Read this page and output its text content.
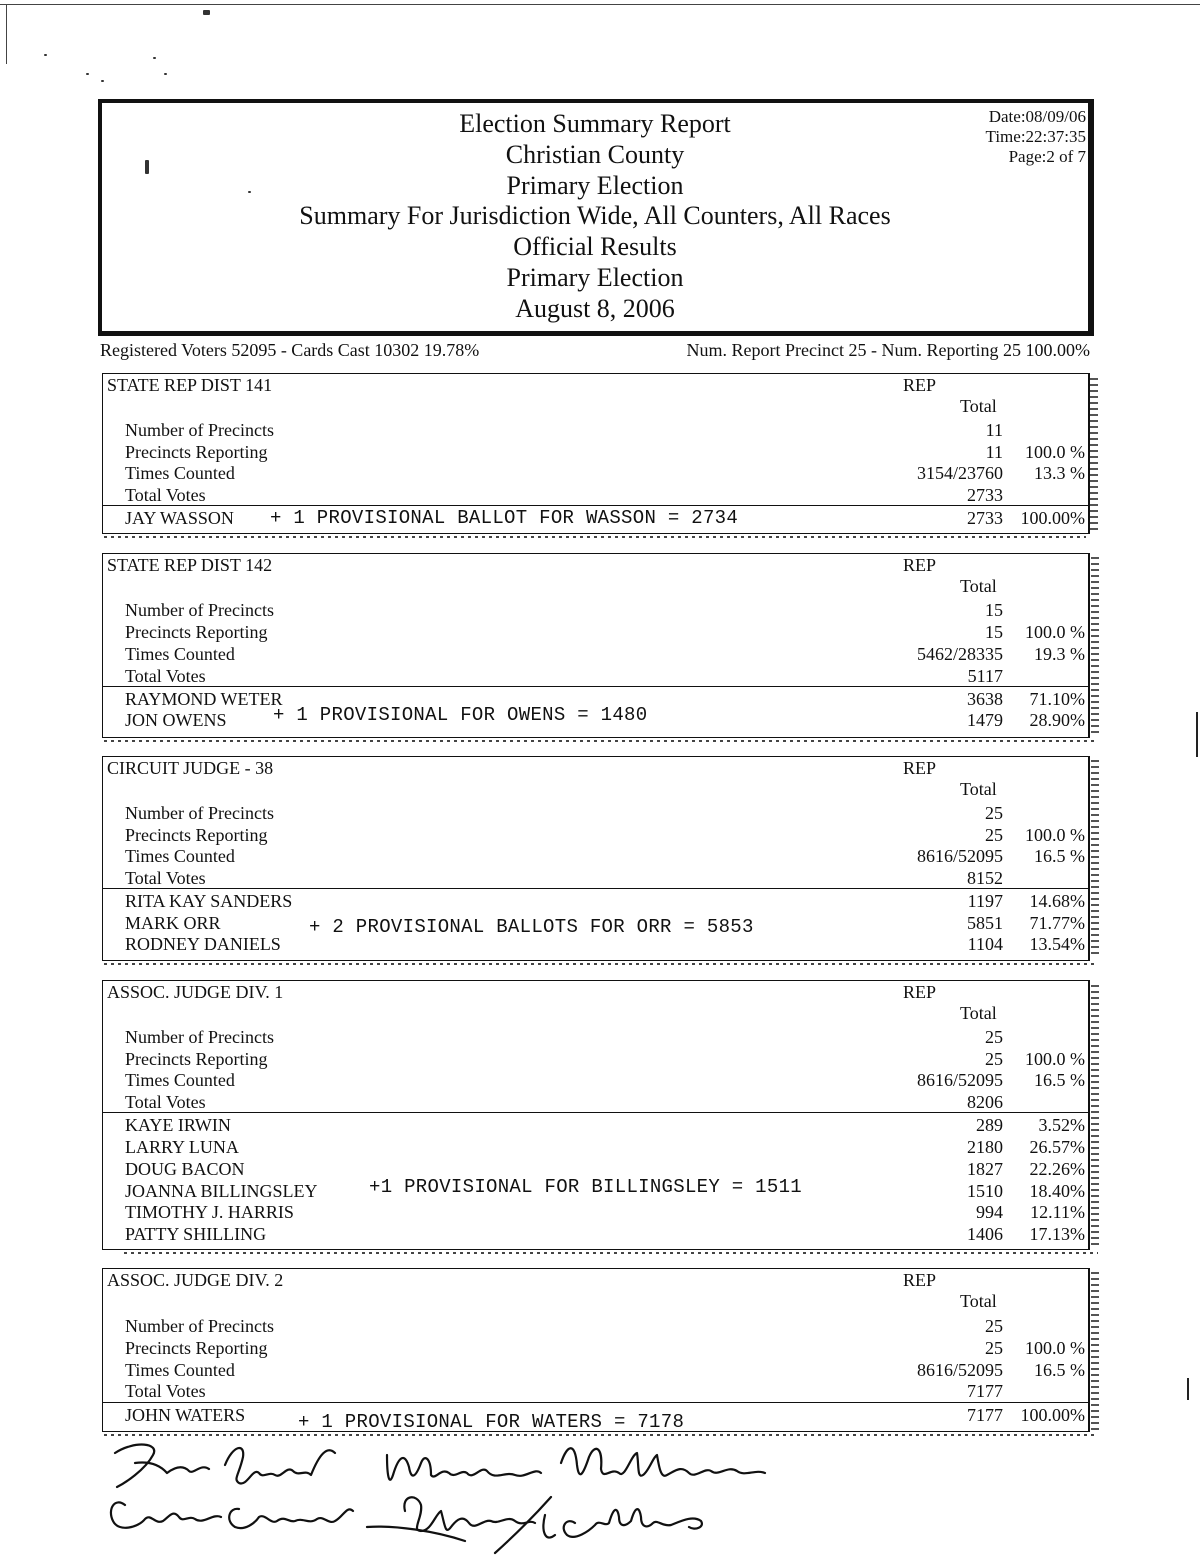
Election Summary Report
Christian County
Primary Election
Summary For Jurisdiction Wide, All Counters, All Races
Official Results
Primary Election
August 8, 2006
Date:08/09/06
Time:22:37:35
Page:2 of 7
Registered Voters 52095 - Cards Cast 10302 19.78%	Num. Report Precinct 25 - Num. Reporting 25 100.00%
STATE REP DIST 141	REP
Total
Number of Precincts	11
Precincts Reporting	11 100.0 %
Times Counted	3154/23760 13.3 %
Total Votes	2733
JAY WASSON	2733 100.00%
+ 1 PROVISIONAL BALLOT FOR WASSON = 2734
STATE REP DIST 142	REP
Total
Number of Precincts	15
Precincts Reporting	15 100.0 %
Times Counted	5462/28335 19.3 %
Total Votes	5117
RAYMOND WETER	3638 71.10%
JON OWENS	1479 28.90%
+ 1 PROVISIONAL FOR OWENS = 1480
CIRCUIT JUDGE - 38	REP
Total
Number of Precincts	25
Precincts Reporting	25 100.0 %
Times Counted	8616/52095 16.5 %
Total Votes	8152
RITA KAY SANDERS	1197 14.68%
MARK ORR	5851 71.77%
RODNEY DANIELS	1104 13.54%
+ 2 PROVISIONAL BALLOTS FOR ORR = 5853
ASSOC. JUDGE DIV. 1	REP
Total
Number of Precincts	25
Precincts Reporting	25 100.0 %
Times Counted	8616/52095 16.5 %
Total Votes	8206
KAYE IRWIN	289 3.52%
LARRY LUNA	2180 26.57%
DOUG BACON	1827 22.26%
JOANNA BILLINGSLEY	1510 18.40%
TIMOTHY J. HARRIS	994 12.11%
PATTY SHILLING	1406 17.13%
+1 PROVISIONAL FOR BILLINGSLEY = 1511
ASSOC. JUDGE DIV. 2	REP
Total
Number of Precincts	25
Precincts Reporting	25 100.0 %
Times Counted	8616/52095 16.5 %
Total Votes	7177
JOHN WATERS	7177 100.00%
+ 1 PROVISIONAL FOR WATERS = 7178
